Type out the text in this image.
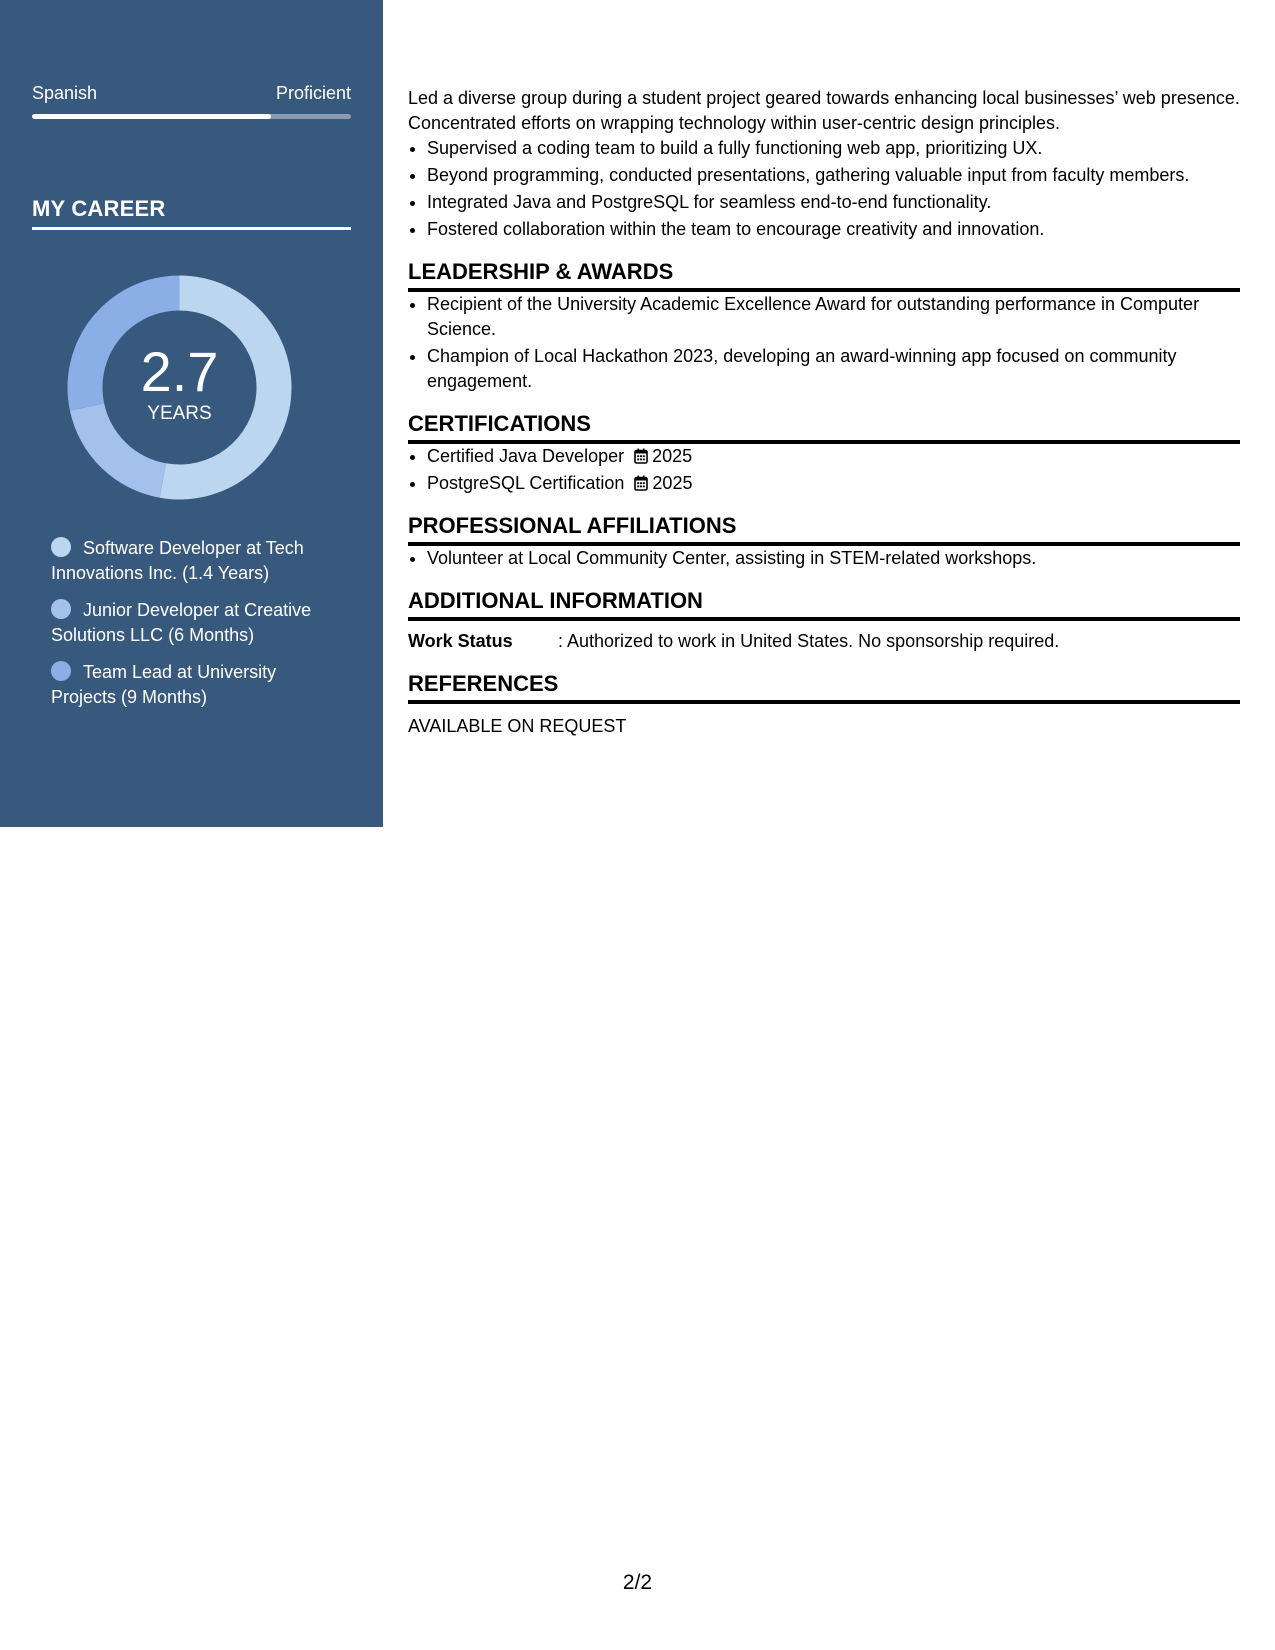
Spanish	Proficient
MY CAREER
2.7
YEARS
Software Developer at Tech Innovations Inc. (1.4 Years)
Junior Developer at Creative Solutions LLC (6 Months)
Team Lead at University Projects (9 Months)

Led a diverse group during a student project geared towards enhancing local businesses’ web presence. Concentrated efforts on wrapping technology within user-centric design principles.

• Supervised a coding team to build a fully functioning web app, prioritizing UX.
• Beyond programming, conducted presentations, gathering valuable input from faculty members.
• Integrated Java and PostgreSQL for seamless end-to-end functionality.
• Fostered collaboration within the team to encourage creativity and innovation.
LEADERSHIP & AWARDS
• Recipient of the University Academic Excellence Award for outstanding performance in Computer Science.
• Champion of Local Hackathon 2023, developing an award-winning app focused on community engagement.
CERTIFICATIONS
• Certified Java Developer 2025
• PostgreSQL Certification 2025
PROFESSIONAL AFFILIATIONS
• Volunteer at Local Community Center, assisting in STEM-related workshops.
ADDITIONAL INFORMATION
Work Status	: Authorized to work in United States. No sponsorship required.
REFERENCES
AVAILABLE ON REQUEST
2/2
